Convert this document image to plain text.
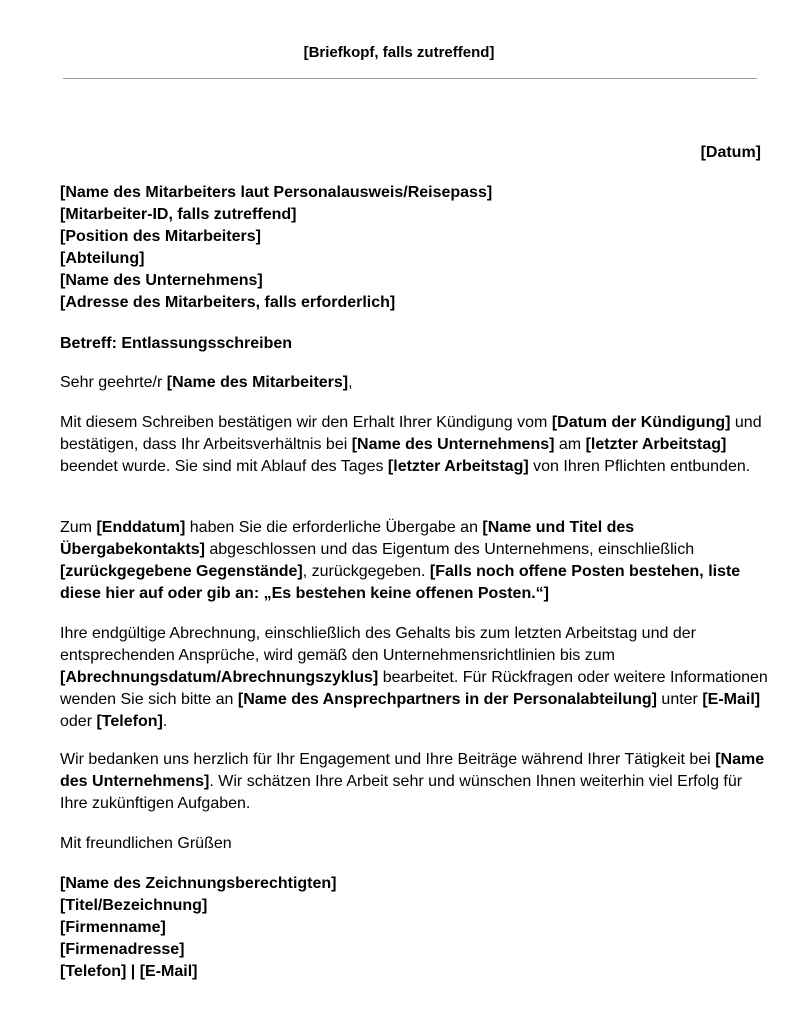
[Briefkopf, falls zutreffend]
[Datum]
[Name des Mitarbeiters laut Personalausweis/Reisepass]
[Mitarbeiter-ID, falls zutreffend]
[Position des Mitarbeiters]
[Abteilung]
[Name des Unternehmens]
[Adresse des Mitarbeiters, falls erforderlich]
Betreff: Entlassungsschreiben

Sehr geehrte/r [Name des Mitarbeiters],

Mit diesem Schreiben bestätigen wir den Erhalt Ihrer Kündigung vom [Datum der Kündigung] und bestätigen, dass Ihr Arbeitsverhältnis bei [Name des Unternehmens] am [letzter Arbeitstag] beendet wurde. Sie sind mit Ablauf des Tages [letzter Arbeitstag] von Ihren Pflichten entbunden.

Zum [Enddatum] haben Sie die erforderliche Übergabe an [Name und Titel des Übergabekontakts] abgeschlossen und das Eigentum des Unternehmens, einschließlich [zurückgegebene Gegenstände], zurückgegeben. [Falls noch offene Posten bestehen, liste diese hier auf oder gib an: „Es bestehen keine offenen Posten.“]

Ihre endgültige Abrechnung, einschließlich des Gehalts bis zum letzten Arbeitstag und der entsprechenden Ansprüche, wird gemäß den Unternehmensrichtlinien bis zum [Abrechnungsdatum/Abrechnungszyklus] bearbeitet. Für Rückfragen oder weitere Informationen wenden Sie sich bitte an [Name des Ansprechpartners in der Personalabteilung] unter [E-Mail] oder [Telefon].

Wir bedanken uns herzlich für Ihr Engagement und Ihre Beiträge während Ihrer Tätigkeit bei [Name des Unternehmens]. Wir schätzen Ihre Arbeit sehr und wünschen Ihnen weiterhin viel Erfolg für Ihre zukünftigen Aufgaben.

Mit freundlichen Grüßen

[Name des Zeichnungsberechtigten]
[Titel/Bezeichnung]
[Firmenname]
[Firmenadresse]
[Telefon] | [E-Mail]
